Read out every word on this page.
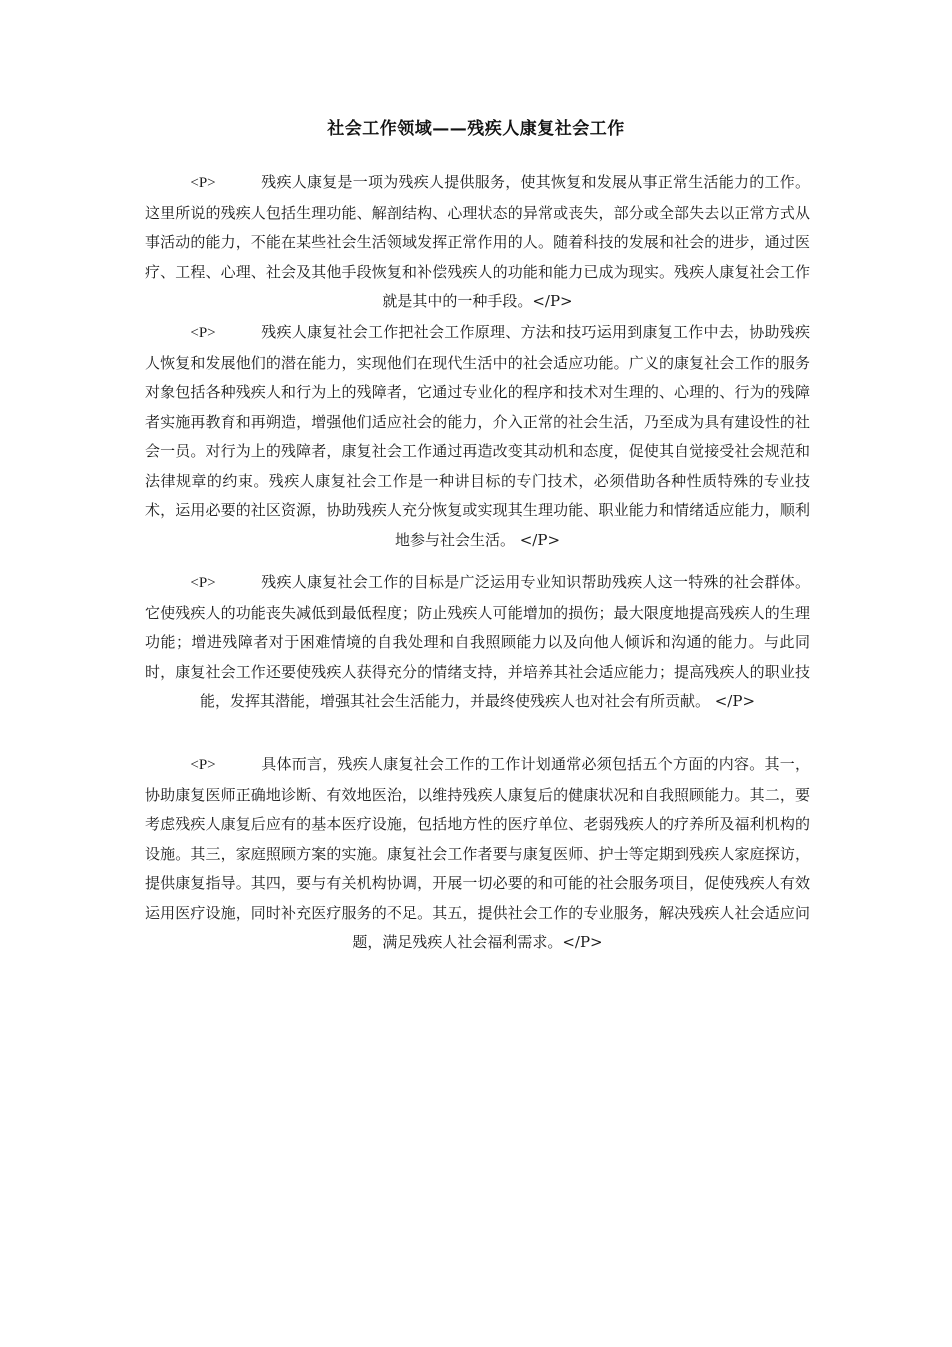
社会工作领域——残疾人康复社会工作
<P>	残疾人康复是一项为残疾人提供服务，使其恢复和发展从事正常生活能力的工作。这里所说的残疾人包括生理功能、解剖结构、心理状态的异常或丧失，部分或全部失去以正常方式从事活动的能力，不能在某些社会生活领域发挥正常作用的人。随着科技的发展和社会的进步，通过医疗、工程、心理、社会及其他手段恢复和补偿残疾人的功能和能力已成为现实。残疾人康复社会工作就是其中的一种手段。</P>
<P>	残疾人康复社会工作把社会工作原理、方法和技巧运用到康复工作中去，协助残疾人恢复和发展他们的潜在能力，实现他们在现代生活中的社会适应功能。广义的康复社会工作的服务对象包括各种残疾人和行为上的残障者，它通过专业化的程序和技术对生理的、心理的、行为的残障者实施再教育和再朔造，增强他们适应社会的能力，介入正常的社会生活，乃至成为具有建设性的社会一员。对行为上的残障者，康复社会工作通过再造改变其动机和态度，促使其自觉接受社会规范和法律规章的约束。残疾人康复社会工作是一种讲目标的专门技术，必须借助各种性质特殊的专业技术，运用必要的社区资源，协助残疾人充分恢复或实现其生理功能、职业能力和情绪适应能力，顺利地参与社会生活。 </P>
<P>	残疾人康复社会工作的目标是广泛运用专业知识帮助残疾人这一特殊的社会群体。它使残疾人的功能丧失减低到最低程度；防止残疾人可能增加的损伤；最大限度地提高残疾人的生理功能；增进残障者对于困难情境的自我处理和自我照顾能力以及向他人倾诉和沟通的能力。与此同时，康复社会工作还要使残疾人获得充分的情绪支持，并培养其社会适应能力；提高残疾人的职业技能，发挥其潜能，增强其社会生活能力，并最终使残疾人也对社会有所贡献。 </P>
<P>	具体而言，残疾人康复社会工作的工作计划通常必须包括五个方面的内容。其一，协助康复医师正确地诊断、有效地医治，以维持残疾人康复后的健康状况和自我照顾能力。其二，要考虑残疾人康复后应有的基本医疗设施，包括地方性的医疗单位、老弱残疾人的疗养所及福利机构的设施。其三，家庭照顾方案的实施。康复社会工作者要与康复医师、护士等定期到残疾人家庭探访，提供康复指导。其四，要与有关机构协调，开展一切必要的和可能的社会服务项目，促使残疾人有效运用医疗设施，同时补充医疗服务的不足。其五，提供社会工作的专业服务，解决残疾人社会适应问题，满足残疾人社会福利需求。</P>
